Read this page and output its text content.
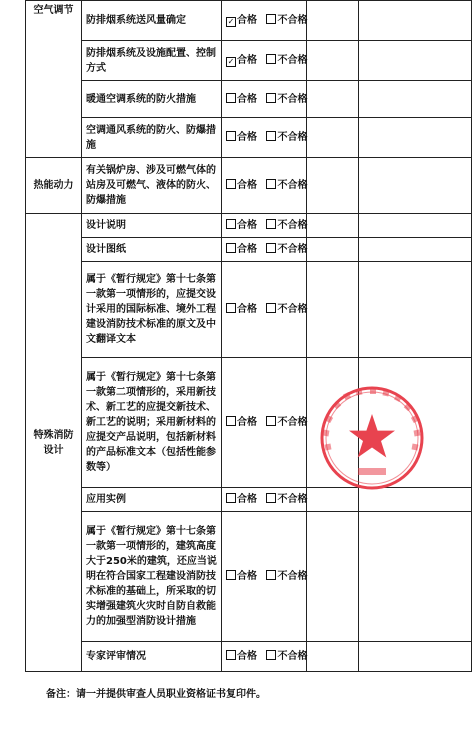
空气调节	防排烟系统送风量确定	✓ 合格 不合格		
	防排烟系统及设施配置、控制方式	✓ 合格 不合格		
	暖通空调系统的防火措施	合格 不合格		
	空调通风系统的防火、防爆措施	合格 不合格		
热能动力	有关锅炉房、涉及可燃气体的站房及可燃气、液体的防火、防爆措施	合格 不合格		
特殊消防设计	设计说明	合格 不合格		
	设计图纸	合格 不合格		
	属于《暂行规定》第十七条第一款第一项情形的，应提交设计采用的国际标准、境外工程建设消防技术标准的原文及中文翻译文本	合格 不合格		
	属于《暂行规定》第十七条第一款第二项情形的，采用新技术、新工艺的应提交新技术、新工艺的说明；采用新材料的应提交产品说明，包括新材料的产品标准文本（包括性能参数等）	合格 不合格		
	应用实例	合格 不合格		
	属于《暂行规定》第十七条第一款第一项情形的，建筑高度大于250米的建筑，还应当说明在符合国家工程建设消防技术标准的基础上，所采取的切实增强建筑火灾时自防自救能力的加强型消防设计措施	合格 不合格		
	专家评审情况	合格 不合格		
备注：请一并提供审查人员职业资格证书复印件。
